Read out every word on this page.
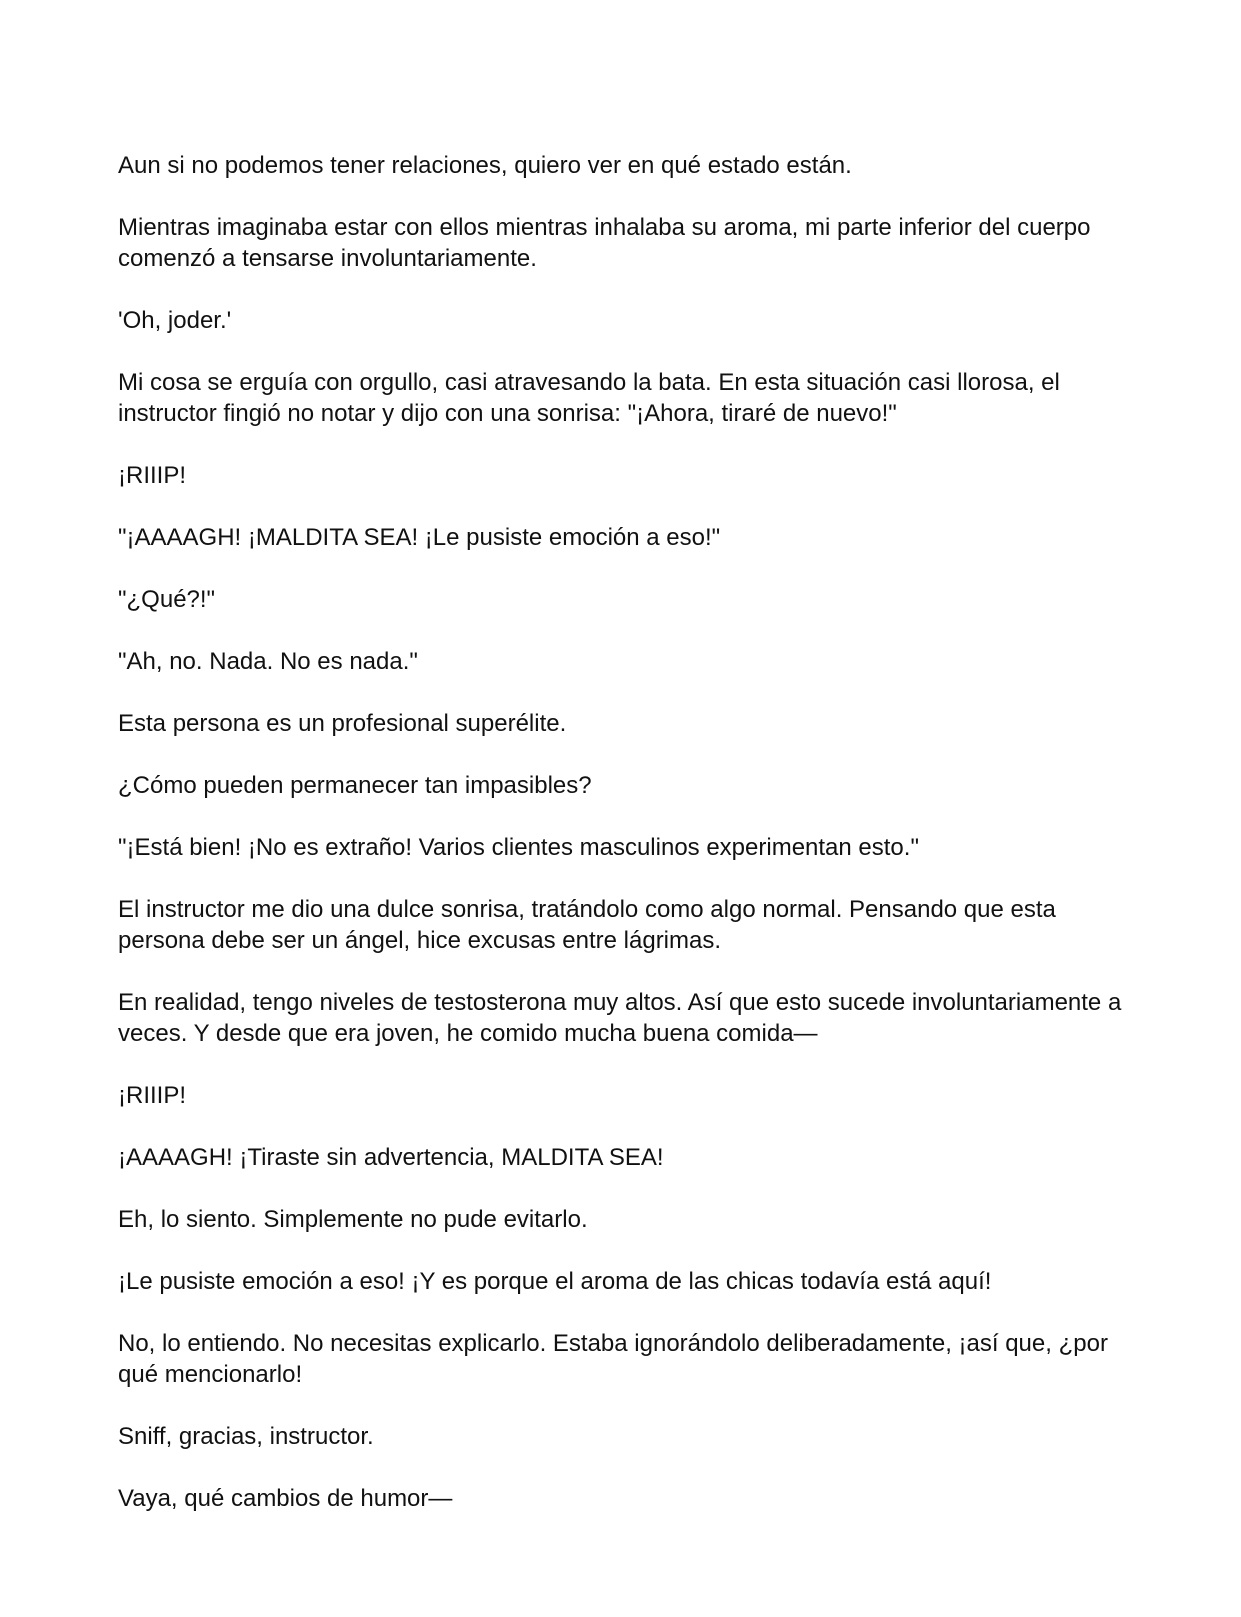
Aun si no podemos tener relaciones, quiero ver en qué estado están.

Mientras imaginaba estar con ellos mientras inhalaba su aroma, mi parte inferior del cuerpo comenzó a tensarse involuntariamente.

'Oh, joder.'

Mi cosa se erguía con orgullo, casi atravesando la bata. En esta situación casi llorosa, el instructor fingió no notar y dijo con una sonrisa: "¡Ahora, tiraré de nuevo!"

¡RIIIP!

"¡AAAAGH! ¡MALDITA SEA! ¡Le pusiste emoción a eso!"

"¿Qué?!"

"Ah, no. Nada. No es nada."

Esta persona es un profesional superélite.

¿Cómo pueden permanecer tan impasibles?

"¡Está bien! ¡No es extraño! Varios clientes masculinos experimentan esto."

El instructor me dio una dulce sonrisa, tratándolo como algo normal. Pensando que esta persona debe ser un ángel, hice excusas entre lágrimas.

En realidad, tengo niveles de testosterona muy altos. Así que esto sucede involuntariamente a veces. Y desde que era joven, he comido mucha buena comida—

¡RIIIP!

¡AAAAGH! ¡Tiraste sin advertencia, MALDITA SEA!

Eh, lo siento. Simplemente no pude evitarlo.

¡Le pusiste emoción a eso! ¡Y es porque el aroma de las chicas todavía está aquí!

No, lo entiendo. No necesitas explicarlo. Estaba ignorándolo deliberadamente, ¡así que, ¿por qué mencionarlo!

Sniff, gracias, instructor.

Vaya, qué cambios de humor—
